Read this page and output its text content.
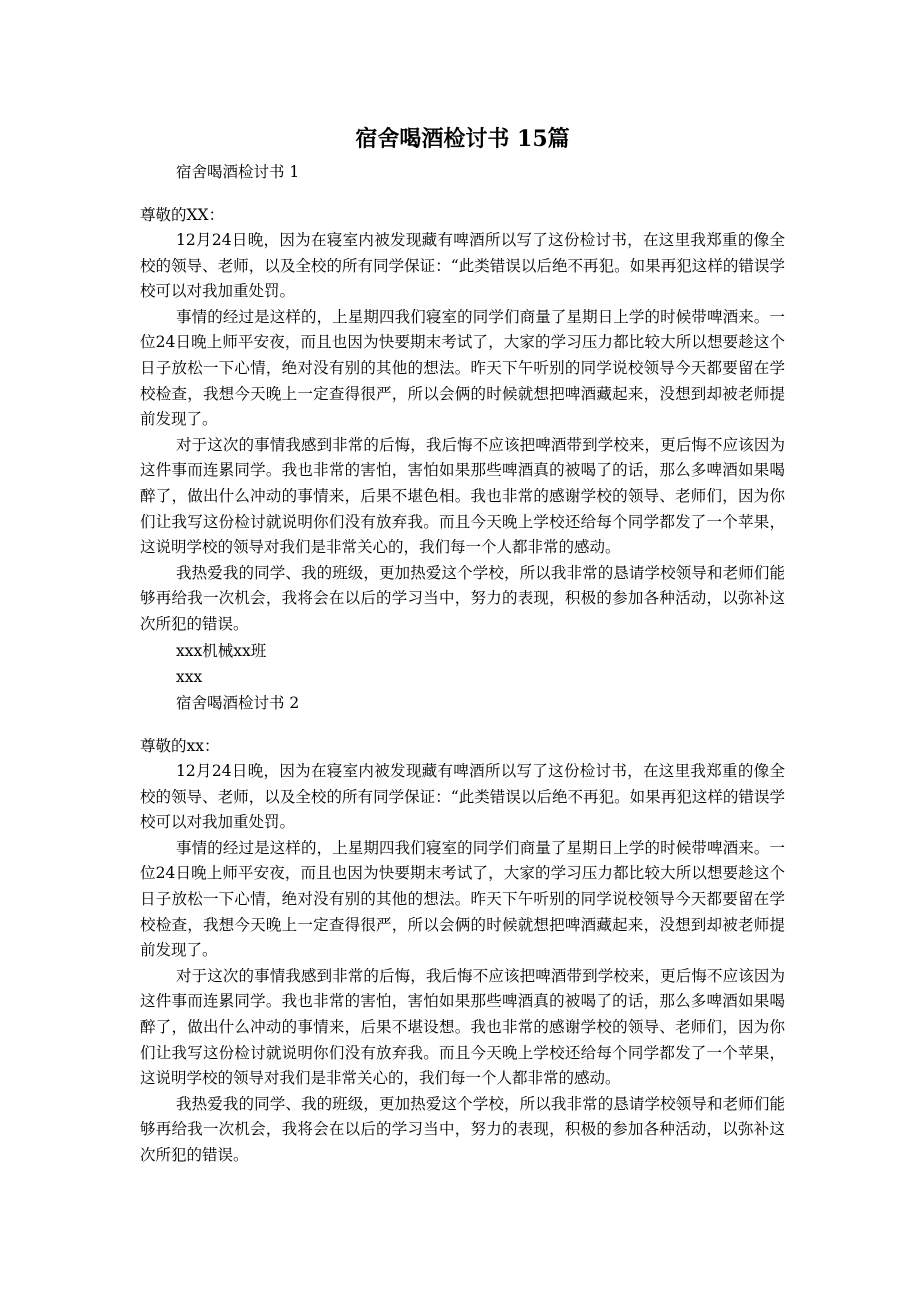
宿舍喝酒检讨书 15篇
宿舍喝酒检讨书 1
尊敬的XX：

12月24日晚，因为在寝室内被发现藏有啤酒所以写了这份检讨书，在这里我郑重的像全校的领导、老师，以及全校的所有同学保证：“此类错误以后绝不再犯。如果再犯这样的错误学校可以对我加重处罚。

事情的经过是这样的，上星期四我们寝室的同学们商量了星期日上学的时候带啤酒来。一位24日晚上师平安夜，而且也因为快要期末考试了，大家的学习压力都比较大所以想要趁这个日子放松一下心情，绝对没有别的其他的想法。昨天下午听别的同学说校领导今天都要留在学校检查，我想今天晚上一定查得很严，所以会俩的时候就想把啤酒藏起来，没想到却被老师提前发现了。

对于这次的事情我感到非常的后悔，我后悔不应该把啤酒带到学校来，更后悔不应该因为这件事而连累同学。我也非常的害怕，害怕如果那些啤酒真的被喝了的话，那么多啤酒如果喝醉了，做出什么冲动的事情来，后果不堪色相。我也非常的感谢学校的领导、老师们，因为你们让我写这份检讨就说明你们没有放弃我。而且今天晚上学校还给每个同学都发了一个苹果，这说明学校的领导对我们是非常关心的，我们每一个人都非常的感动。

我热爱我的同学、我的班级，更加热爱这个学校，所以我非常的恳请学校领导和老师们能够再给我一次机会，我将会在以后的学习当中，努力的表现，积极的参加各种活动，以弥补这次所犯的错误。

xxx机械xx班
xxx
宿舍喝酒检讨书 2
尊敬的xx：

12月24日晚，因为在寝室内被发现藏有啤酒所以写了这份检讨书，在这里我郑重的像全校的领导、老师，以及全校的所有同学保证：“此类错误以后绝不再犯。如果再犯这样的错误学校可以对我加重处罚。

事情的经过是这样的，上星期四我们寝室的同学们商量了星期日上学的时候带啤酒来。一位24日晚上师平安夜，而且也因为快要期末考试了，大家的学习压力都比较大所以想要趁这个日子放松一下心情，绝对没有别的其他的想法。昨天下午听别的同学说校领导今天都要留在学校检查，我想今天晚上一定查得很严，所以会俩的时候就想把啤酒藏起来，没想到却被老师提前发现了。

对于这次的事情我感到非常的后悔，我后悔不应该把啤酒带到学校来，更后悔不应该因为这件事而连累同学。我也非常的害怕，害怕如果那些啤酒真的被喝了的话，那么多啤酒如果喝醉了，做出什么冲动的事情来，后果不堪设想。我也非常的感谢学校的领导、老师们，因为你们让我写这份检讨就说明你们没有放弃我。而且今天晚上学校还给每个同学都发了一个苹果，这说明学校的领导对我们是非常关心的，我们每一个人都非常的感动。

我热爱我的同学、我的班级，更加热爱这个学校，所以我非常的恳请学校领导和老师们能够再给我一次机会，我将会在以后的学习当中，努力的表现，积极的参加各种活动，以弥补这次所犯的错误。
